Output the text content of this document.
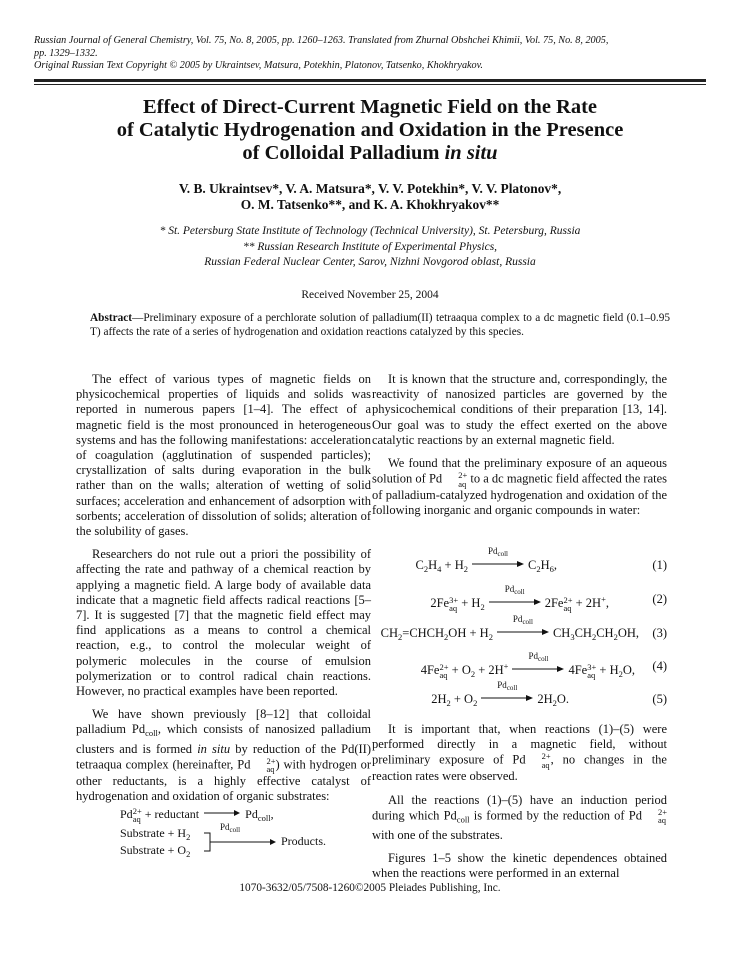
Russian Journal of General Chemistry, Vol. 75, No. 8, 2005, pp. 1260–1263. Translated from Zhurnal Obshchei Khimii, Vol. 75, No. 8, 2005,
pp. 1329–1332.
Original Russian Text Copyright © 2005 by Ukraintsev, Matsura, Potekhin, Platonov, Tatsenko, Khokhryakov.
Effect of Direct-Current Magnetic Field on the Rate
of Catalytic Hydrogenation and Oxidation in the Presence
of Colloidal Palladium in situ
V. B. Ukraintsev*, V. A. Matsura*, V. V. Potekhin*, V. V. Platonov*,
O. M. Tatsenko**, and K. A. Khokhryakov**
* St. Petersburg State Institute of Technology (Technical University), St. Petersburg, Russia
** Russian Research Institute of Experimental Physics,
Russian Federal Nuclear Center, Sarov, Nizhni Novgorod oblast, Russia
Received November 25, 2004
Abstract—Preliminary exposure of a perchlorate solution of palladium(II) tetraaqua complex to a dc magnetic field (0.1–0.95 T) affects the rate of a series of hydrogenation and oxidation reactions catalyzed by this species.

The effect of various types of magnetic fields on physicochemical properties of liquids and solids was reported in numerous papers [1–4]. The effect of a magnetic field is the most pronounced in heterogeneous systems and has the following manifestations: acceleration of coagulation (agglutination of suspended particles); crystallization of salts during evaporation in the bulk rather than on the walls; alteration of wetting of solid surfaces; acceleration and enhancement of adsorption with sorbents; acceleration of dissolution of solids; alteration of the solubility of gases.

Researchers do not rule out a priori the possibility of affecting the rate and pathway of a chemical reaction by applying a magnetic field. A large body of available data indicate that a magnetic field affects radical reactions [5–7]. It is suggested [7] that the magnetic field effect may find applications as a means to control a chemical reaction, e.g., to control the molecular weight of polymeric molecules in the course of emulsion polymerization or to control radical chain reactions. However, no practical examples have been reported.

We have shown previously [8–12] that colloidal palladium $Pd_{coll}$, which consists of nanosized palladium clusters and is formed in situ by reduction of the Pd(II) tetraaqua complex (hereinafter, Pd	2+
aq ) with hydrogen or other reductants, is a highly effective catalyst of hydrogenation and oxidation of organic substrates:

Pd 2+
aq + reductant	$Pd_{coll}$,
Substrate + $H_2$
Substrate + $O_2$
$Pd_{coll}$
Products.

It is known that the structure and, correspondingly, the reactivity of nanosized particles are governed by the physicochemical conditions of their preparation [13, 14]. Our goal was to study the effect exerted on the above catalytic reactions by an external magnetic field.

We found that the preliminary exposure of an aqueous solution of Pd	2+
aq to a dc magnetic field affected the rates of palladium-catalyzed hydrogenation and oxidation of the following inorganic and organic compounds in water:

$C_2H_4 + H_2$
$Pd_{coll}$
$C_2H_6$,	(1)
2Fe 3+
aq + $H_2$
$Pd_{coll}$
2Fe 2+
aq + 2H+,	(2)
$CH_2=CHCH_2OH + H_2$
$Pd_{coll}$
$CH_3CH_2CH_2OH$, (3)
4Fe 2+
aq + $O_2 + 2H^+$
$Pd_{coll}$
4Fe 3+
aq + $H_2O$, (4)
$2H_2 + O_2$
$Pd_{coll}$
$2H_2O$.	(5)

It is important that, when reactions (1)–(5) were performed directly in a magnetic field, without preliminary exposure of Pd	2+
aq , no changes in the reaction rates were observed.

All the reactions (1)–(5) have an induction period during which $Pd_{coll}$ is formed by the reduction of Pd	2+
aq
with one of the substrates.

Figures 1–5 show the kinetic dependences obtained when the reactions were performed in an external

1070-3632/05/7508-1260©2005 Pleiades Publishing, Inc.
